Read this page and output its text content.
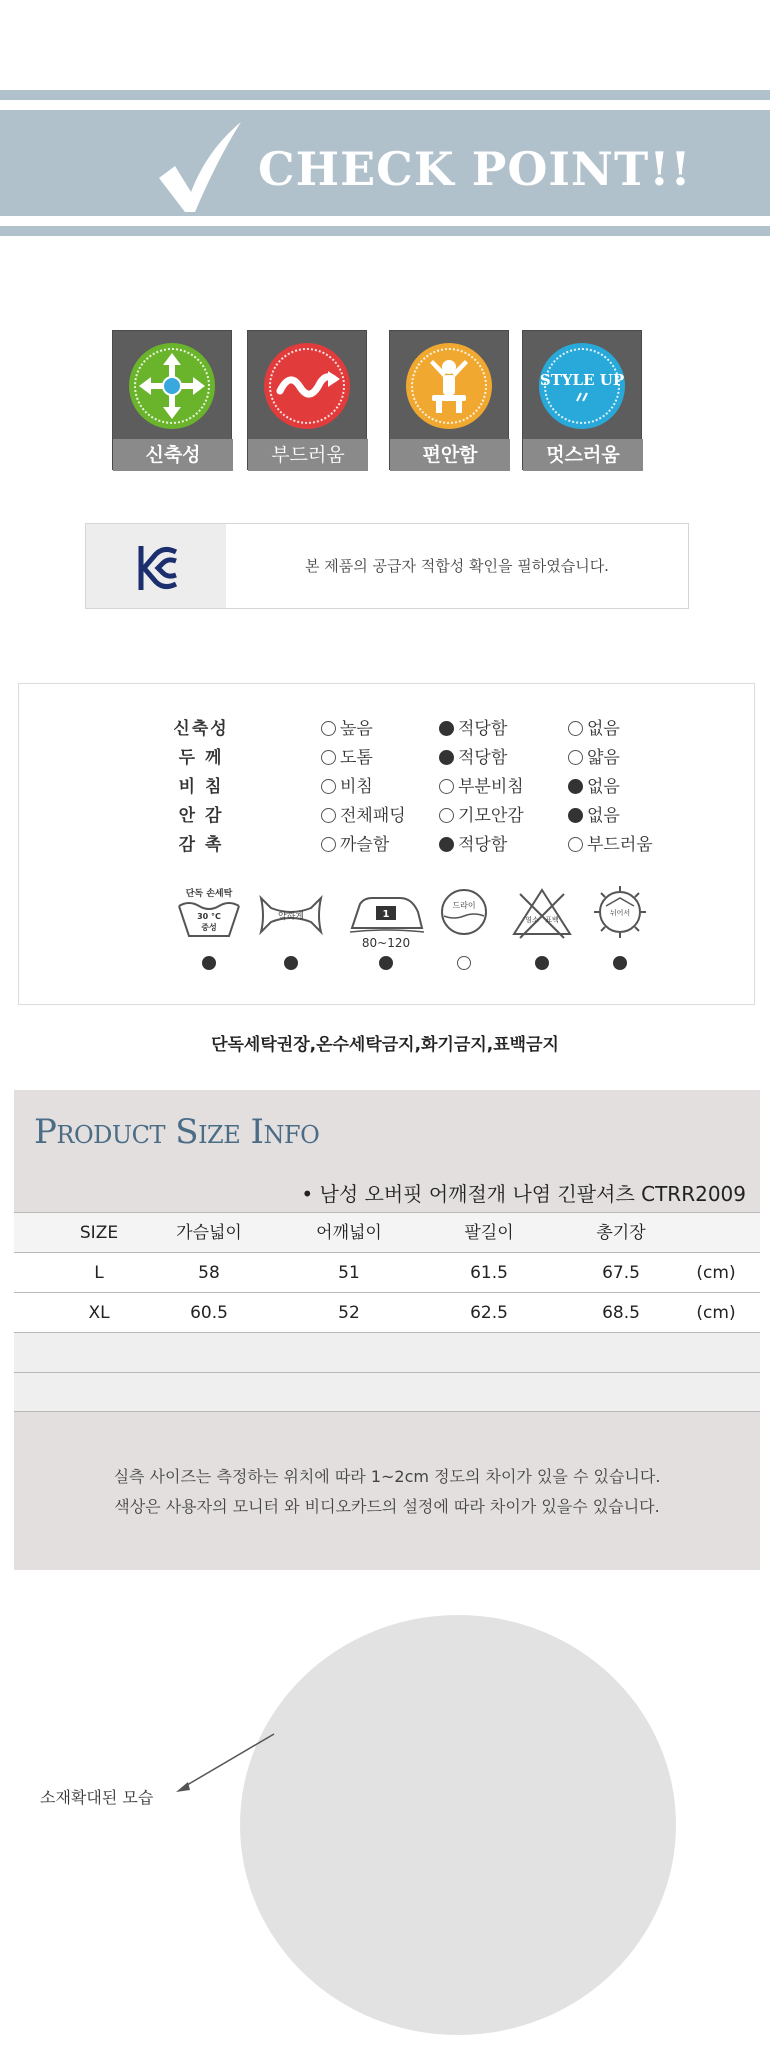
CHECK POINT!!
신축성	부드러움	편안함
STYLE UP
멋스러움
본 제품의 공급자 적합성 확인을 필하였습니다.
신축성	높음	적당함	없음
두 께	도톰	적당함	얇음
비 침	비침	부분비침	없음
안 감	전체패딩	기모안감	없음
감 촉	까슬함	적당함	부드러움
단독 손세탁
30 °C
중성
약하게	1
80~120
드라이
염소 표백
뉘어서
단독세탁권장,온수세탁금지,화기금지,표백금지
Product Size Info
• 남성 오버핏 어깨절개 나염 긴팔셔츠 CTRR2009
SIZE	가슴넓이	어깨넓이	팔길이	총기장
L	58	51	61.5	67.5	(cm)
XL	60.5	52	62.5	68.5	(cm)
실측 사이즈는 측정하는 위치에 따라 1~2cm 정도의 차이가 있을 수 있습니다.
색상은 사용자의 모니터 와 비디오카드의 설정에 따라 차이가 있을수 있습니다.
소재확대된 모습
